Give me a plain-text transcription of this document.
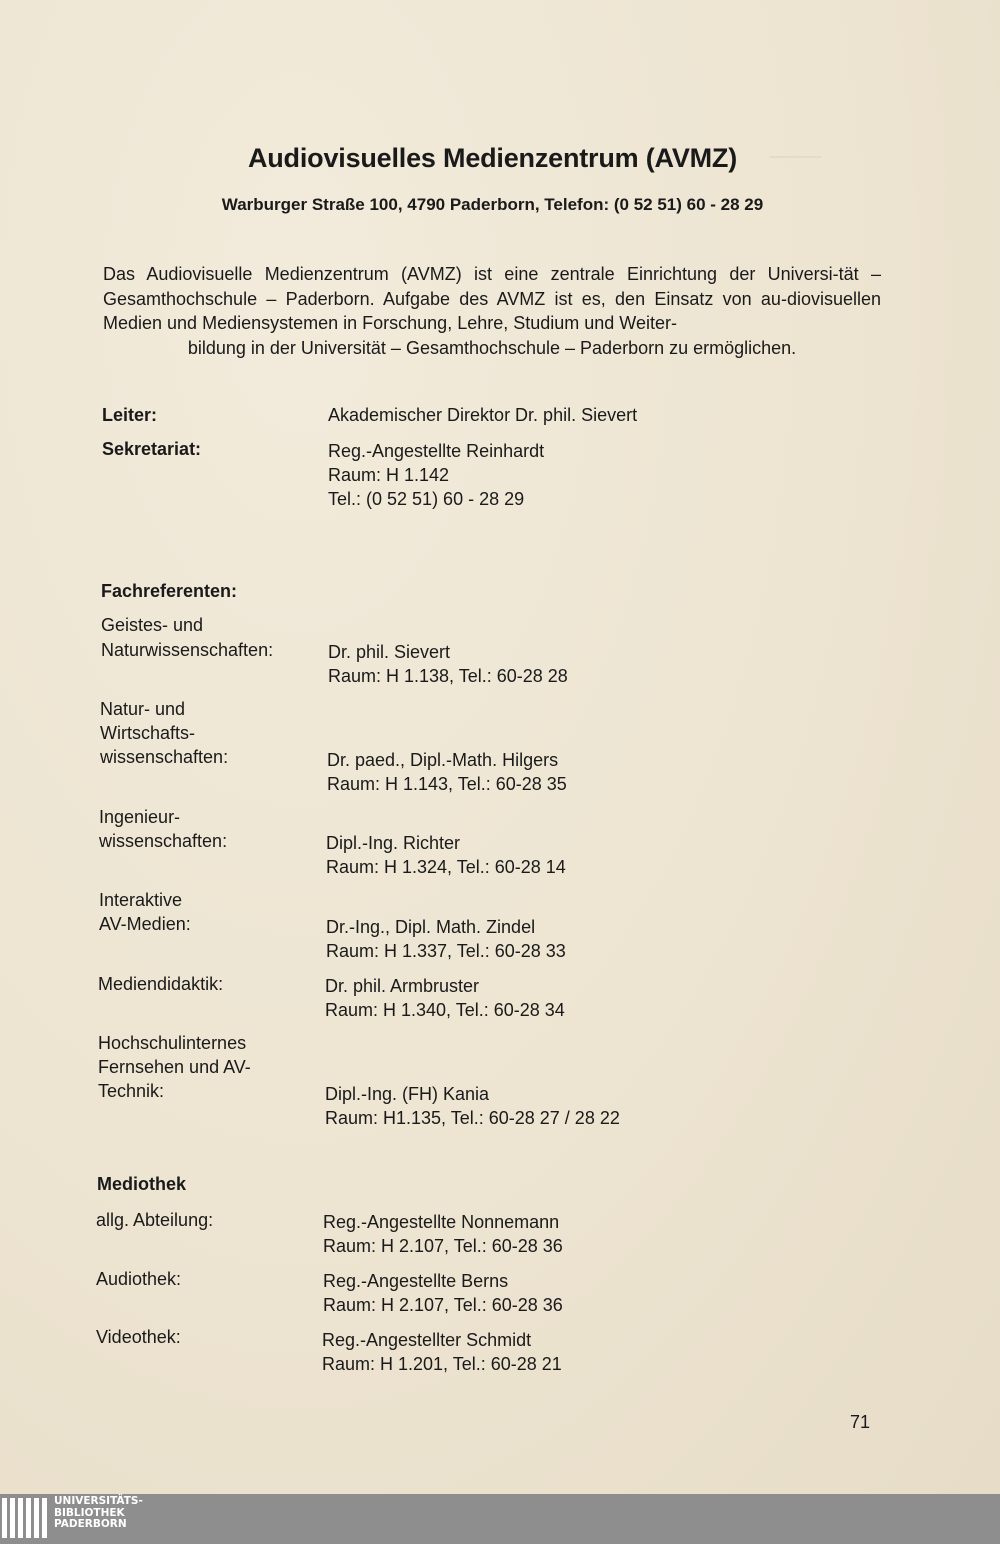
‾‾‾‾‾‾‾‾‾
Audiovisuelles Medienzentrum (AVMZ)
Warburger Straße 100, 4790 Paderborn, Telefon: (0 52 51) 60 - 28 29
Das Audiovisuelle Medienzentrum (AVMZ) ist eine zentrale Einrichtung der Universi-tät – Gesamthochschule – Paderborn. Aufgabe des AVMZ ist es, den Einsatz von au-diovisuellen Medien und Mediensystemen in Forschung, Lehre, Studium und Weiter-
bildung in der Universität – Gesamthochschule – Paderborn zu ermöglichen.
Leiter:	Akademischer Direktor Dr. phil. Sievert
Sekretariat:	Reg.-Angestellte Reinhardt
Raum: H 1.142
Tel.: (0 52 51) 60 - 28 29
Fachreferenten:
Geistes- und
Naturwissenschaften:	Dr. phil. Sievert
Raum: H 1.138, Tel.: 60-28 28
Natur- und
Wirtschafts-
wissenschaften:	Dr. paed., Dipl.-Math. Hilgers
Raum: H 1.143, Tel.: 60-28 35
Ingenieur-
wissenschaften:	Dipl.-Ing. Richter
Raum: H 1.324, Tel.: 60-28 14
Interaktive
AV-Medien:	Dr.-Ing., Dipl. Math. Zindel
Raum: H 1.337, Tel.: 60-28 33
Mediendidaktik:	Dr. phil. Armbruster
Raum: H 1.340, Tel.: 60-28 34
Hochschulinternes
Fernsehen und AV-
Technik:	Dipl.-Ing. (FH) Kania
Raum: H1.135, Tel.: 60-28 27 / 28 22
Mediothek
allg. Abteilung:	Reg.-Angestellte Nonnemann
Raum: H 2.107, Tel.: 60-28 36
Audiothek:	Reg.-Angestellte Berns
Raum: H 2.107, Tel.: 60-28 36
Videothek:	Reg.-Angestellter Schmidt
Raum: H 1.201, Tel.: 60-28 21
71
UNIVERSITÄTS-
BIBLIOTHEK
PADERBORN
